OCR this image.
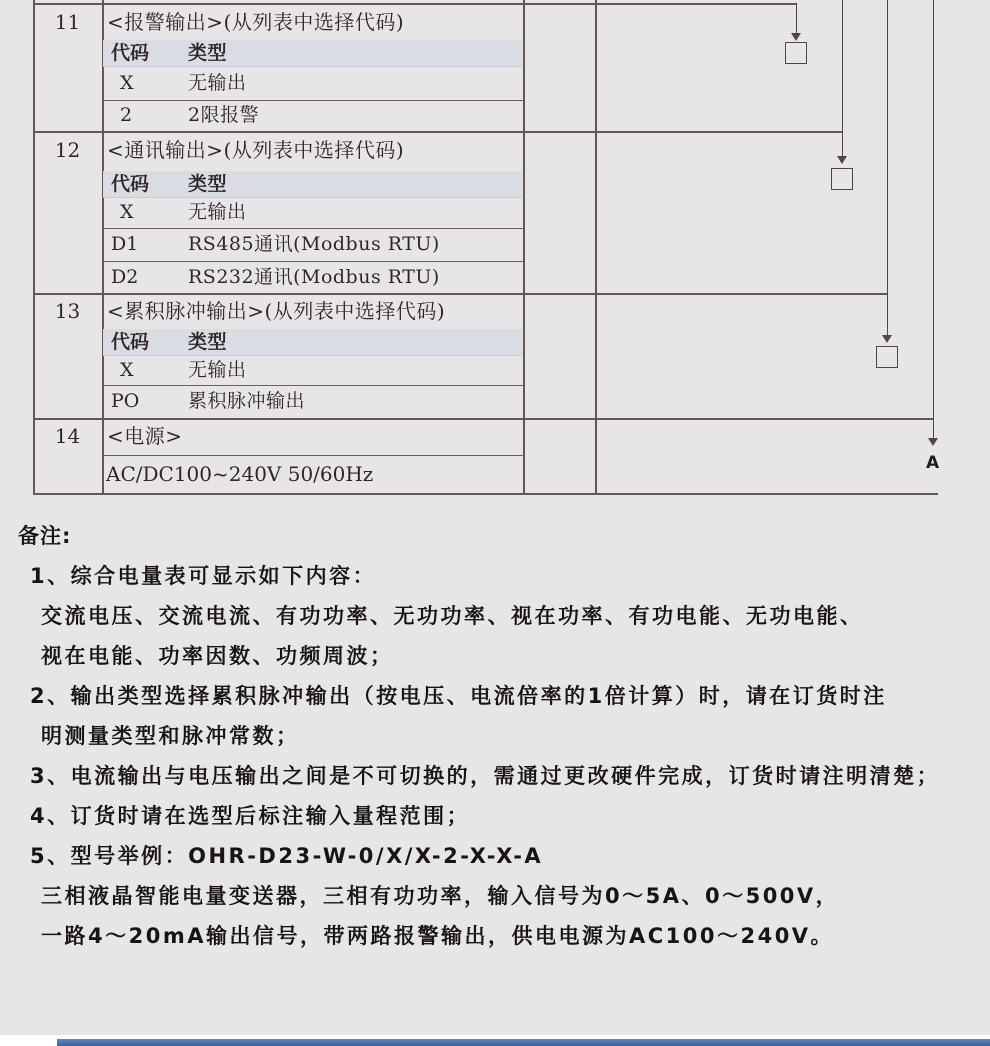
A
11	<报警输出>(从列表中选择代码)
代码 类型
X	无输出
2	2限报警
12	<通讯输出>(从列表中选择代码)
代码 类型
X	无输出
D1	RS485通讯(Modbus RTU)
D2	RS232通讯(Modbus RTU)
13	<累积脉冲输出>(从列表中选择代码)
代码 类型
X	无输出
PO	累积脉冲输出
14	<电源>
AC/DC100~240V 50/60Hz
备注:
1、综合电量表可显示如下内容：
交流电压、交流电流、有功功率、无功功率、视在功率、有功电能、无功电能、
视在电能、功率因数、功频周波；
2、输出类型选择累积脉冲输出（按电压、电流倍率的1倍计算）时，请在订货时注
明测量类型和脉冲常数；
3、电流输出与电压输出之间是不可切换的，需通过更改硬件完成，订货时请注明清楚；
4、订货时请在选型后标注输入量程范围；
5、型号举例：OHR-D23-W-0/X/X-2-X-X-A
三相液晶智能电量变送器，三相有功功率，输入信号为0～5A、0～500V，
一路4～20mA输出信号，带两路报警输出，供电电源为AC100～240V。
